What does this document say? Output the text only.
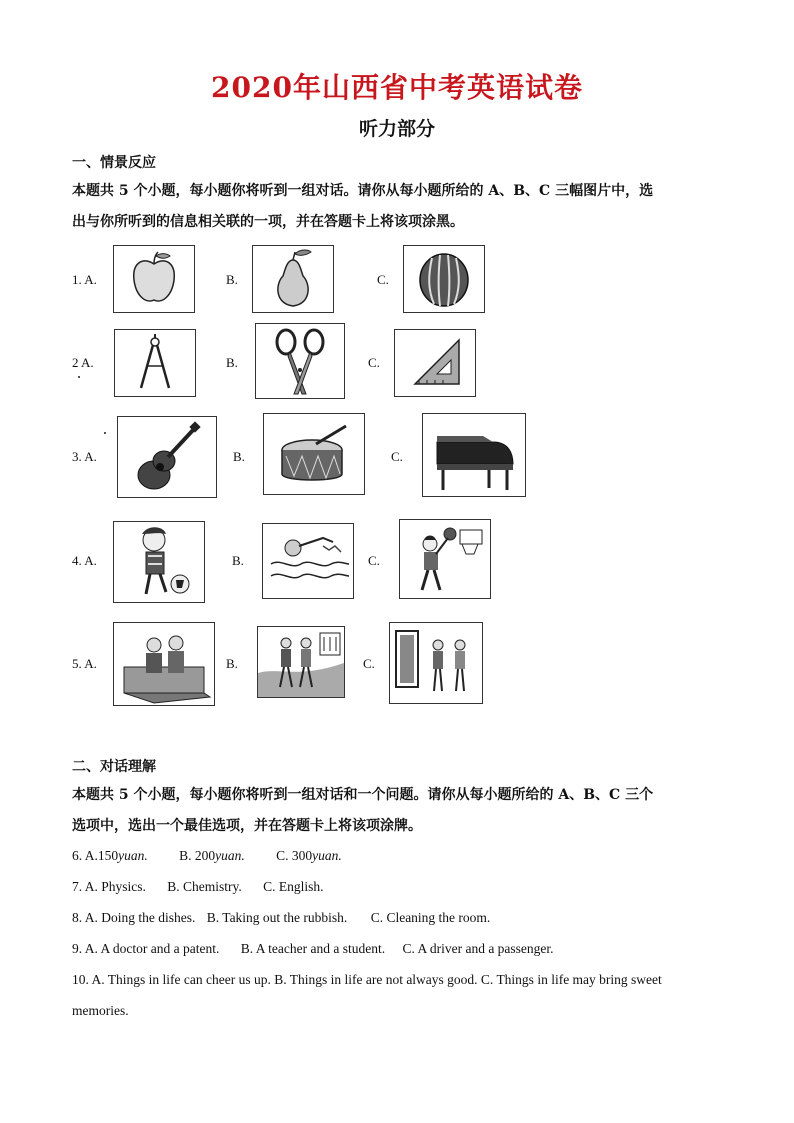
2020年山西省中考英语试卷
听力部分
一、情景反应
本题共 5 个小题，每小题你将听到一组对话。请你从每小题所给的 A、B、C 三幅图片中，选
出与你所听到的信息相关联的一项，并在答题卡上将该项涂黑。
1. A.	B.	C.
2 A.	B.	C.
3. A.	B.	C.
4. A.	B.	C.
5. A.	B.	C.
二、对话理解
本题共 5 个小题，每小题你将听到一组对话和一个问题。请你从每小题所给的 A、B、C 三个
选项中，选出一个最佳选项，并在答题卡上将该项涂牌。
6. A.150yuan. B. 200yuan. C. 300yuan.
7. A. Physics. B. Chemistry. C. English.
8. A. Doing the dishes. B. Taking out the rubbish. C. Cleaning the room.
9. A. A doctor and a patent. B. A teacher and a student. C. A driver and a passenger.
10. A. Things in life can cheer us up. B. Things in life are not always good. C. Things in life may bring sweet
memories.
